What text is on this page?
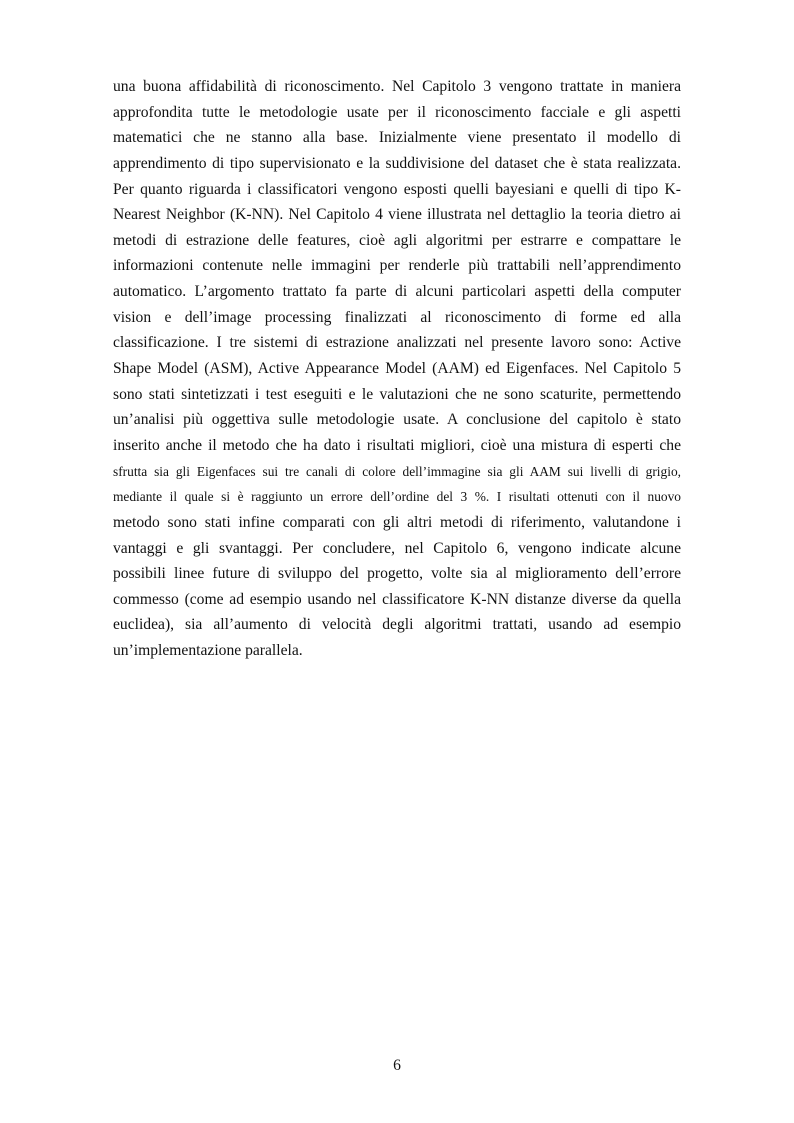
una buona affidabilità di riconoscimento. Nel Capitolo 3 vengono trattate in maniera
approfondita tutte le metodologie usate per il riconoscimento facciale e gli aspetti
matematici che ne stanno alla base. Inizialmente viene presentato il modello di
apprendimento di tipo supervisionato e la suddivisione del dataset che è stata realizzata.
Per quanto riguarda i classificatori vengono esposti quelli bayesiani e quelli di tipo K-
Nearest Neighbor (K-NN). Nel Capitolo 4 viene illustrata nel dettaglio la teoria dietro ai
metodi di estrazione delle features, cioè agli algoritmi per estrarre e compattare le
informazioni contenute nelle immagini per renderle più trattabili nell’apprendimento
automatico. L’argomento trattato fa parte di alcuni particolari aspetti della computer
vision e dell’image processing finalizzati al riconoscimento di forme ed alla
classificazione. I tre sistemi di estrazione analizzati nel presente lavoro sono: Active
Shape Model (ASM), Active Appearance Model (AAM) ed Eigenfaces. Nel Capitolo 5
sono stati sintetizzati i test eseguiti e le valutazioni che ne sono scaturite, permettendo
un’analisi più oggettiva sulle metodologie usate. A conclusione del capitolo è stato
inserito anche il metodo che ha dato i risultati migliori, cioè una mistura di esperti che
sfrutta sia gli Eigenfaces sui tre canali di colore dell’immagine sia gli AAM sui livelli di grigio,
mediante il quale si è raggiunto un errore dell’ordine del 3 %. I risultati ottenuti con il nuovo
metodo sono stati infine comparati con gli altri metodi di riferimento, valutandone i
vantaggi e gli svantaggi. Per concludere, nel Capitolo 6, vengono indicate alcune
possibili linee future di sviluppo del progetto, volte sia al miglioramento dell’errore
commesso (come ad esempio usando nel classificatore K-NN distanze diverse da quella
euclidea), sia all’aumento di velocità degli algoritmi trattati, usando ad esempio
un’implementazione parallela.
6
